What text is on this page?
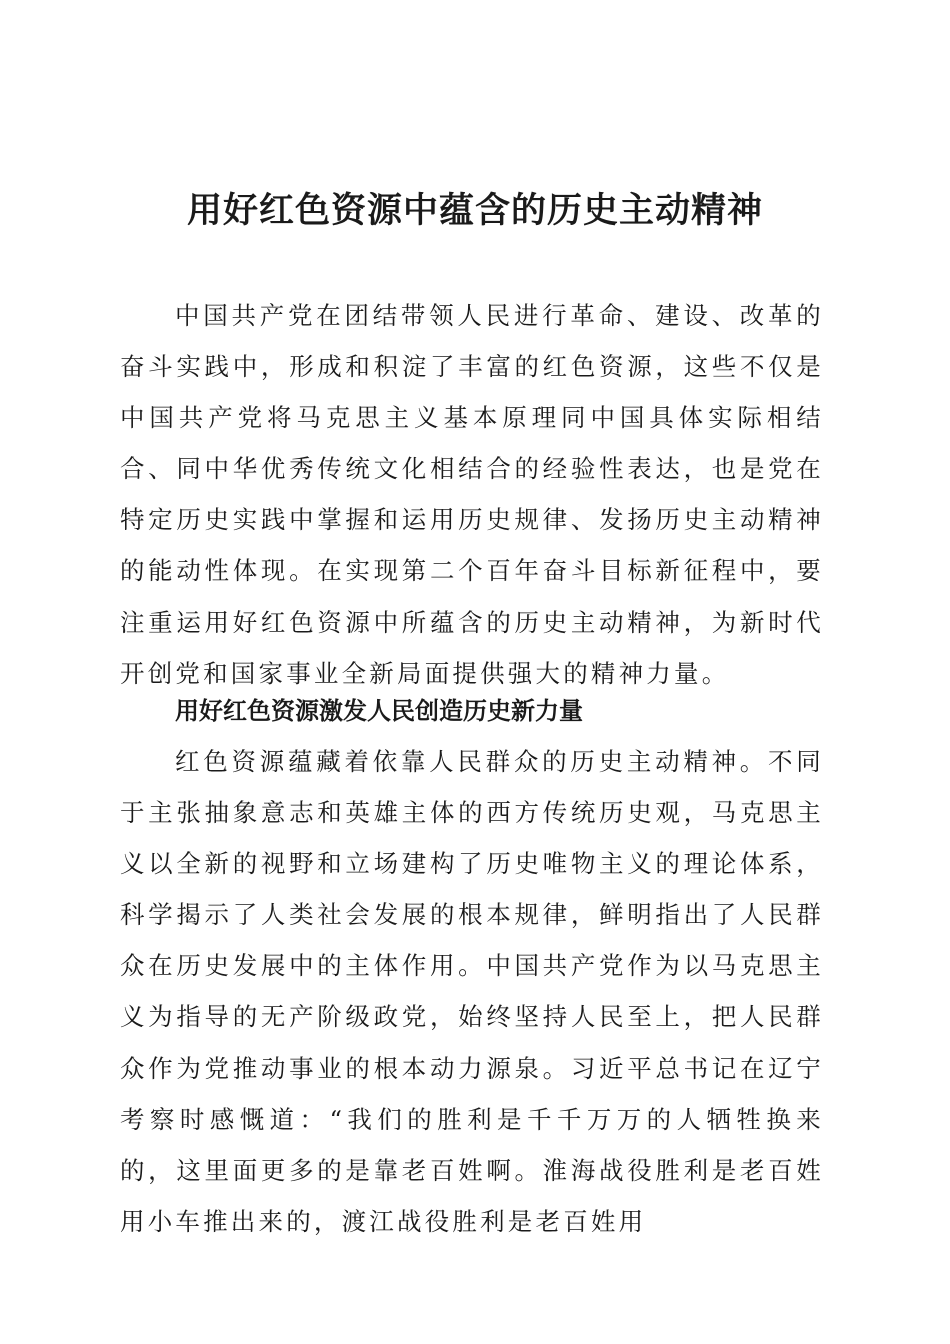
用好红色资源中蕴含的历史主动精神

中国共产党在团结带领人民进行革命、建设、改革的奋斗实践中，形成和积淀了丰富的红色资源，这些不仅是中国共产党将马克思主义基本原理同中国具体实际相结合、同中华优秀传统文化相结合的经验性表达，也是党在特定历史实践中掌握和运用历史规律、发扬历史主动精神的能动性体现。在实现第二个百年奋斗目标新征程中，要注重运用好红色资源中所蕴含的历史主动精神，为新时代开创党和国家事业全新局面提供强大的精神力量。

用好红色资源激发人民创造历史新力量

红色资源蕴藏着依靠人民群众的历史主动精神。不同于主张抽象意志和英雄主体的西方传统历史观，马克思主义以全新的视野和立场建构了历史唯物主义的理论体系，科学揭示了人类社会发展的根本规律，鲜明指出了人民群众在历史发展中的主体作用。中国共产党作为以马克思主义为指导的无产阶级政党，始终坚持人民至上，把人民群众作为党推动事业的根本动力源泉。习近平总书记在辽宁考察时感慨道：“我们的胜利是千千万万的人牺牲换来的，这里面更多的是靠老百姓啊。淮海战役胜利是老百姓用小车推出来的，渡江战役胜利是老百姓用
